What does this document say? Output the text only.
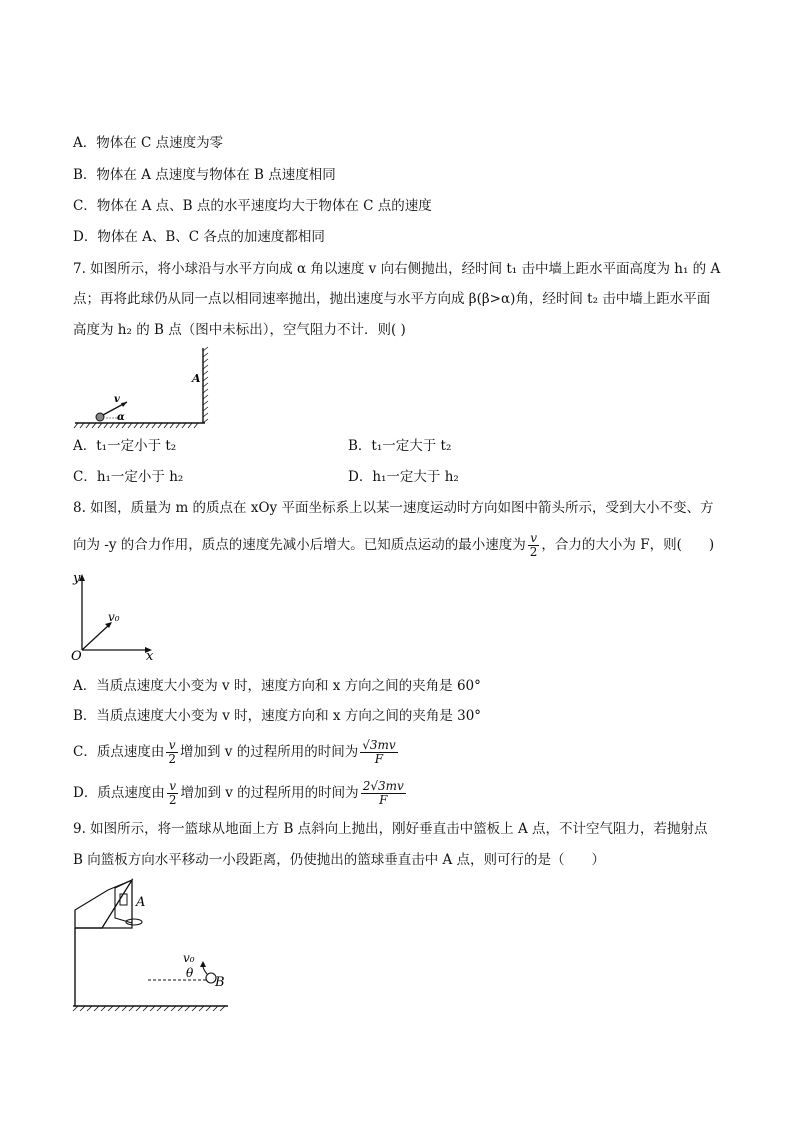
A．物体在 C 点速度为零
B．物体在 A 点速度与物体在 B 点速度相同
C．物体在 A 点、B 点的水平速度均大于物体在 C 点的速度
D．物体在 A、B、C 各点的加速度都相同
7. 如图所示，将小球沿与水平方向成 α 角以速度 v 向右侧抛出，经时间 t₁ 击中墙上距水平面高度为 h₁ 的 A
点；再将此球仍从同一点以相同速率抛出，抛出速度与水平方向成 β(β>α)角，经时间 t₂ 击中墙上距水平面
高度为 h₂ 的 B 点（图中未标出），空气阻力不计．则( )
v
α
A
A．t₁一定小于 t₂	B．t₁一定大于 t₂
C．h₁一定小于 h₂	D．h₁一定大于 h₂
8. 如图，质量为 m 的质点在 xOy 平面坐标系上以某一速度运动时方向如图中箭头所示，受到大小不变、方
向为 -y 的合力作用，质点的速度先减小后增大。已知质点运动的最小速度为 $\frac{v}{2}$ ，合力的大小为 F，则(　　)
y
x
O
v₀
A．当质点速度大小变为 v 时，速度方向和 x 方向之间的夹角是 60°
B．当质点速度大小变为 v 时，速度方向和 x 方向之间的夹角是 30°
C．质点速度由 $\frac{v}{2}$ 增加到 v 的过程所用的时间为 $\frac{√3mv}{F}$
D．质点速度由 $\frac{v}{2}$ 增加到 v 的过程所用的时间为 $\frac{2√3mv}{F}$
9. 如图所示，将一篮球从地面上方 B 点斜向上抛出，刚好垂直击中篮板上 A 点，不计空气阻力，若抛射点
B 向篮板方向水平移动一小段距离，仍使抛出的篮球垂直击中 A 点，则可行的是（　　）
A
B
v₀
θ
